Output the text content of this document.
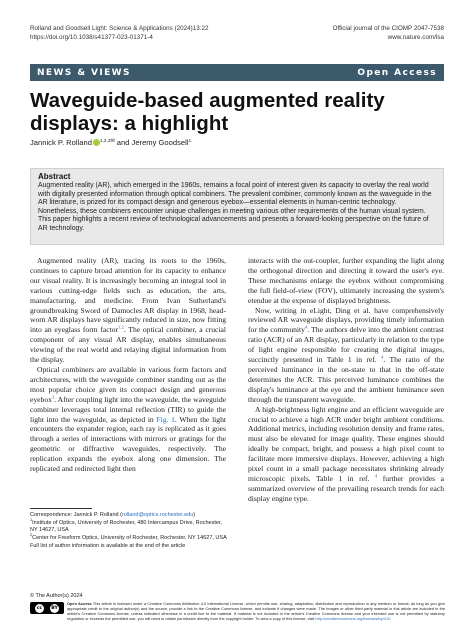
Rolland and Goodsell Light: Science & Applications (2024)13:22
https://doi.org/10.1038/s41377-023-01371-4
Official journal of the CIOMP 2047-7538
www.nature.com/lsa
NEWS & VIEWS	Open Access
Waveguide-based augmented reality displays: a highlight
Jannick P. Rolland $^{1,2,3✉}$ and Jeremy Goodsell$^1$
Abstract
Augmented reality (AR), which emerged in the 1960s, remains a focal point of interest given its capacity to overlay the real world with digitally presented information through optical combiners. The prevalent combiner, commonly known as the waveguide in the AR literature, is prized for its compact design and generous eyebox—essential elements in human-centric technology. Nonetheless, these combiners encounter unique challenges in meeting various other requirements of the human visual system. This paper highlights a recent review of technological advancements and presents a forward-looking perspective on the future of AR technology.

Augmented reality (AR), tracing its roots to the 1960s, continues to capture broad attention for its capacity to enhance our visual reality. It is increasingly becoming an integral tool in various cutting-edge fields such as education, the arts, manufacturing, and medicine. From Ivan Sutherland's groundbreaking Sword of Damocles AR display in 1968, head-worn AR displays have significantly reduced in size, now fitting into an eyeglass form factor$^{1,2}$. The optical combiner, a crucial component of any visual AR display, enables simultaneous viewing of the real world and relaying digital information from the display.

Optical combiners are available in various form factors and architectures, with the waveguide combiner standing out as the most popular choice given its compact design and generous eyebox$^3$. After coupling light into the waveguide, the waveguide combiner leverages total internal reflection (TIR) to guide the light into the waveguide, as depicted in Fig. 1. When the light encounters the expander region, each ray is replicated as it goes through a series of interactions with mirrors or gratings for the geometric or diffractive waveguides, respectively. The replication expands the eyebox along one dimension. The replicated and redirected light then

interacts with the out-coupler, further expanding the light along the orthogonal direction and directing it toward the user's eye. These mechanisms enlarge the eyebox without compromising the full field-of-view (FOV), ultimately increasing the system's etendue at the expense of displayed brightness.

Now, writing in eLight, Ding et al. have comprehensively reviewed AR waveguide displays, providing timely information for the community$^4$. The authors delve into the ambient contrast ratio (ACR) of an AR display, particularly in relation to the type of light engine responsible for creating the digital images, succinctly presented in Table 1 in ref. $^4$. The ratio of the perceived luminance in the on-state to that in the off-state determines the ACR. This perceived luminance combines the display's luminance at the eye and the ambient luminance seen through the transparent waveguide.

A high-brightness light engine and an efficient waveguide are crucial to achieve a high ACR under bright ambient conditions. Additional metrics, including resolution density and frame rates, must also be elevated for image quality. These engines should ideally be compact, bright, and possess a high pixel count to facilitate more immersive displays. However, achieving a high pixel count in a small package necessitates shrinking already microscopic pixels. Table 1 in ref. $^4$ further provides a summarized overview of the prevailing research trends for each display engine type.

Correspondence: Jannick P. Rolland (rolland@optics.rochester.edu)
$^1$Institute of Optics, University of Rochester, 480 Intercampus Drive, Rochester, NY 14627, USA
$^2$Center for Freeform Optics, University of Rochester, Rochester, NY 14627, USA
Full list of author information is available at the end of the article
© The Author(s) 2024
cc	BY
Open Access This article is licensed under a Creative Commons Attribution 4.0 International License, which permits use, sharing, adaptation, distribution and reproduction in any medium or format, as long as you give appropriate credit to the original author(s) and the source, provide a link to the Creative Commons license, and indicate if changes were made. The images or other third party material in this article are included in the article's Creative Commons license, unless indicated otherwise in a credit line to the material. If material is not included in the article's Creative Commons license and your intended use is not permitted by statutory regulation or exceeds the permitted use, you will need to obtain permission directly from the copyright holder. To view a copy of this license, visit http://creativecommons.org/licenses/by/4.0/.
